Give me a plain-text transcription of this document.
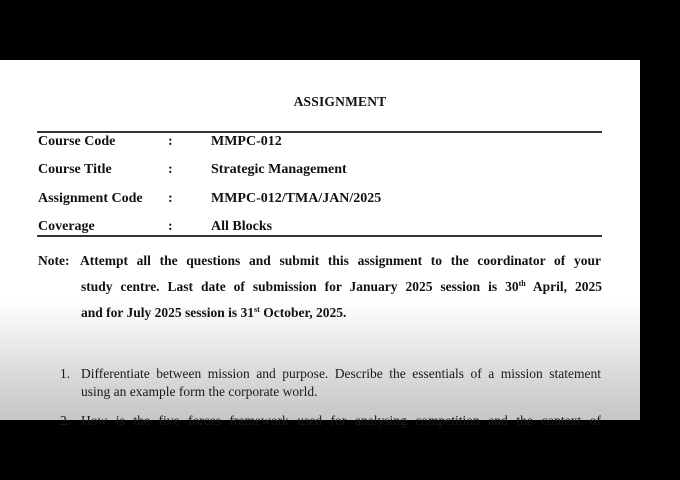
ASSIGNMENT
Course Code	:	MMPC-012
Course Title	:	Strategic Management
Assignment Code :	MMPC-012/TMA/JAN/2025
Coverage	:	All Blocks
Note: Attempt all the questions and submit this assignment to the coordinator of your
study centre. Last date of submission for January 2025 session is 30th April, 2025
and for July 2025 session is 31st October, 2025.
1. Differentiate between mission and purpose. Describe the essentials of a mission statement
using an example form the corporate world.
2. How is the five forces framework used for analysing competition and the context of
